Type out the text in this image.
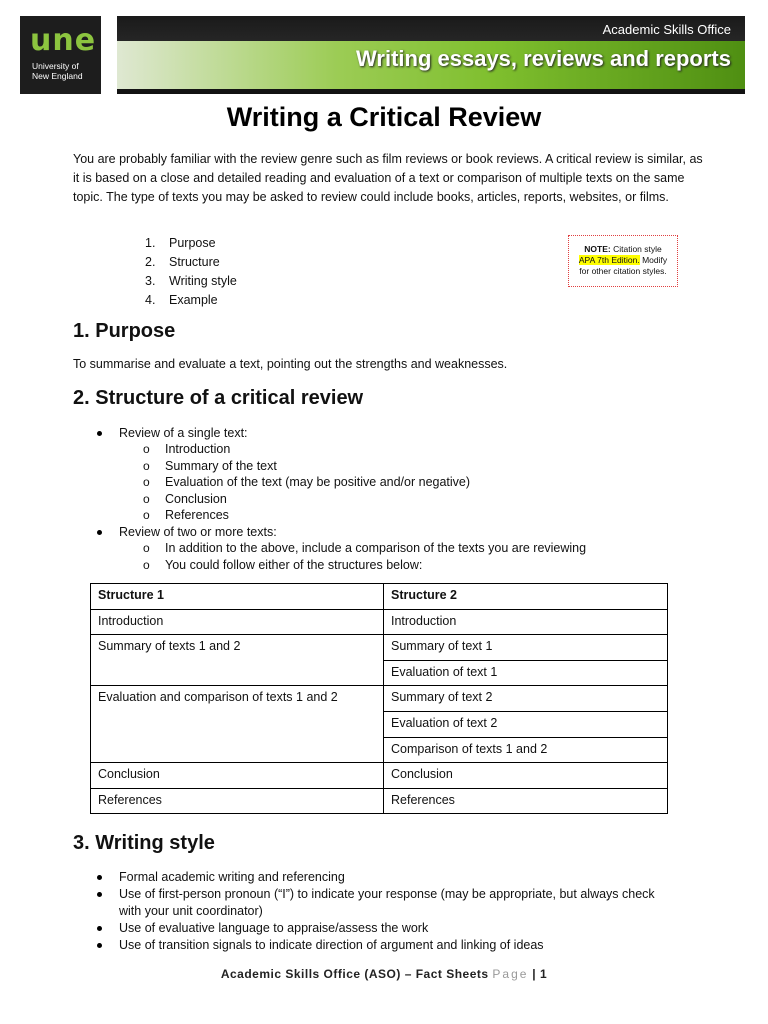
une
University of
New England
Academic Skills Office
Writing essays, reviews and reports
Writing a Critical Review
You are probably familiar with the review genre such as film reviews or book reviews. A critical review is similar, as it is based on a close and detailed reading and evaluation of a text or comparison of multiple texts on the same topic. The type of texts you may be asked to review could include books, articles, reports, websites, or films.
1. Purpose
2. Structure
3. Writing style
4. Example
NOTE: Citation style
APA 7th Edition. Modify
for other citation styles.
1. Purpose
To summarise and evaluate a text, pointing out the strengths and weaknesses.
2. Structure of a critical review
Review of a single text:
o Introduction
o Summary of the text
o Evaluation of the text (may be positive and/or negative)
o Conclusion
o References
Review of two or more texts:
o In addition to the above, include a comparison of the texts you are reviewing
o You could follow either of the structures below:
Structure 1	Structure 2
Introduction	Introduction
Summary of texts 1 and 2	Summary of text 1
	Evaluation of text 1
Evaluation and comparison of texts 1 and 2	Summary of text 2
	Evaluation of text 2
	Comparison of texts 1 and 2
Conclusion	Conclusion
References	References
3. Writing style
Formal academic writing and referencing
Use of first-person pronoun (“I”) to indicate your response (may be appropriate, but always check
with your unit coordinator)
Use of evaluative language to appraise/assess the work
Use of transition signals to indicate direction of argument and linking of ideas
Academic Skills Office (ASO) – Fact Sheets Page | 1
